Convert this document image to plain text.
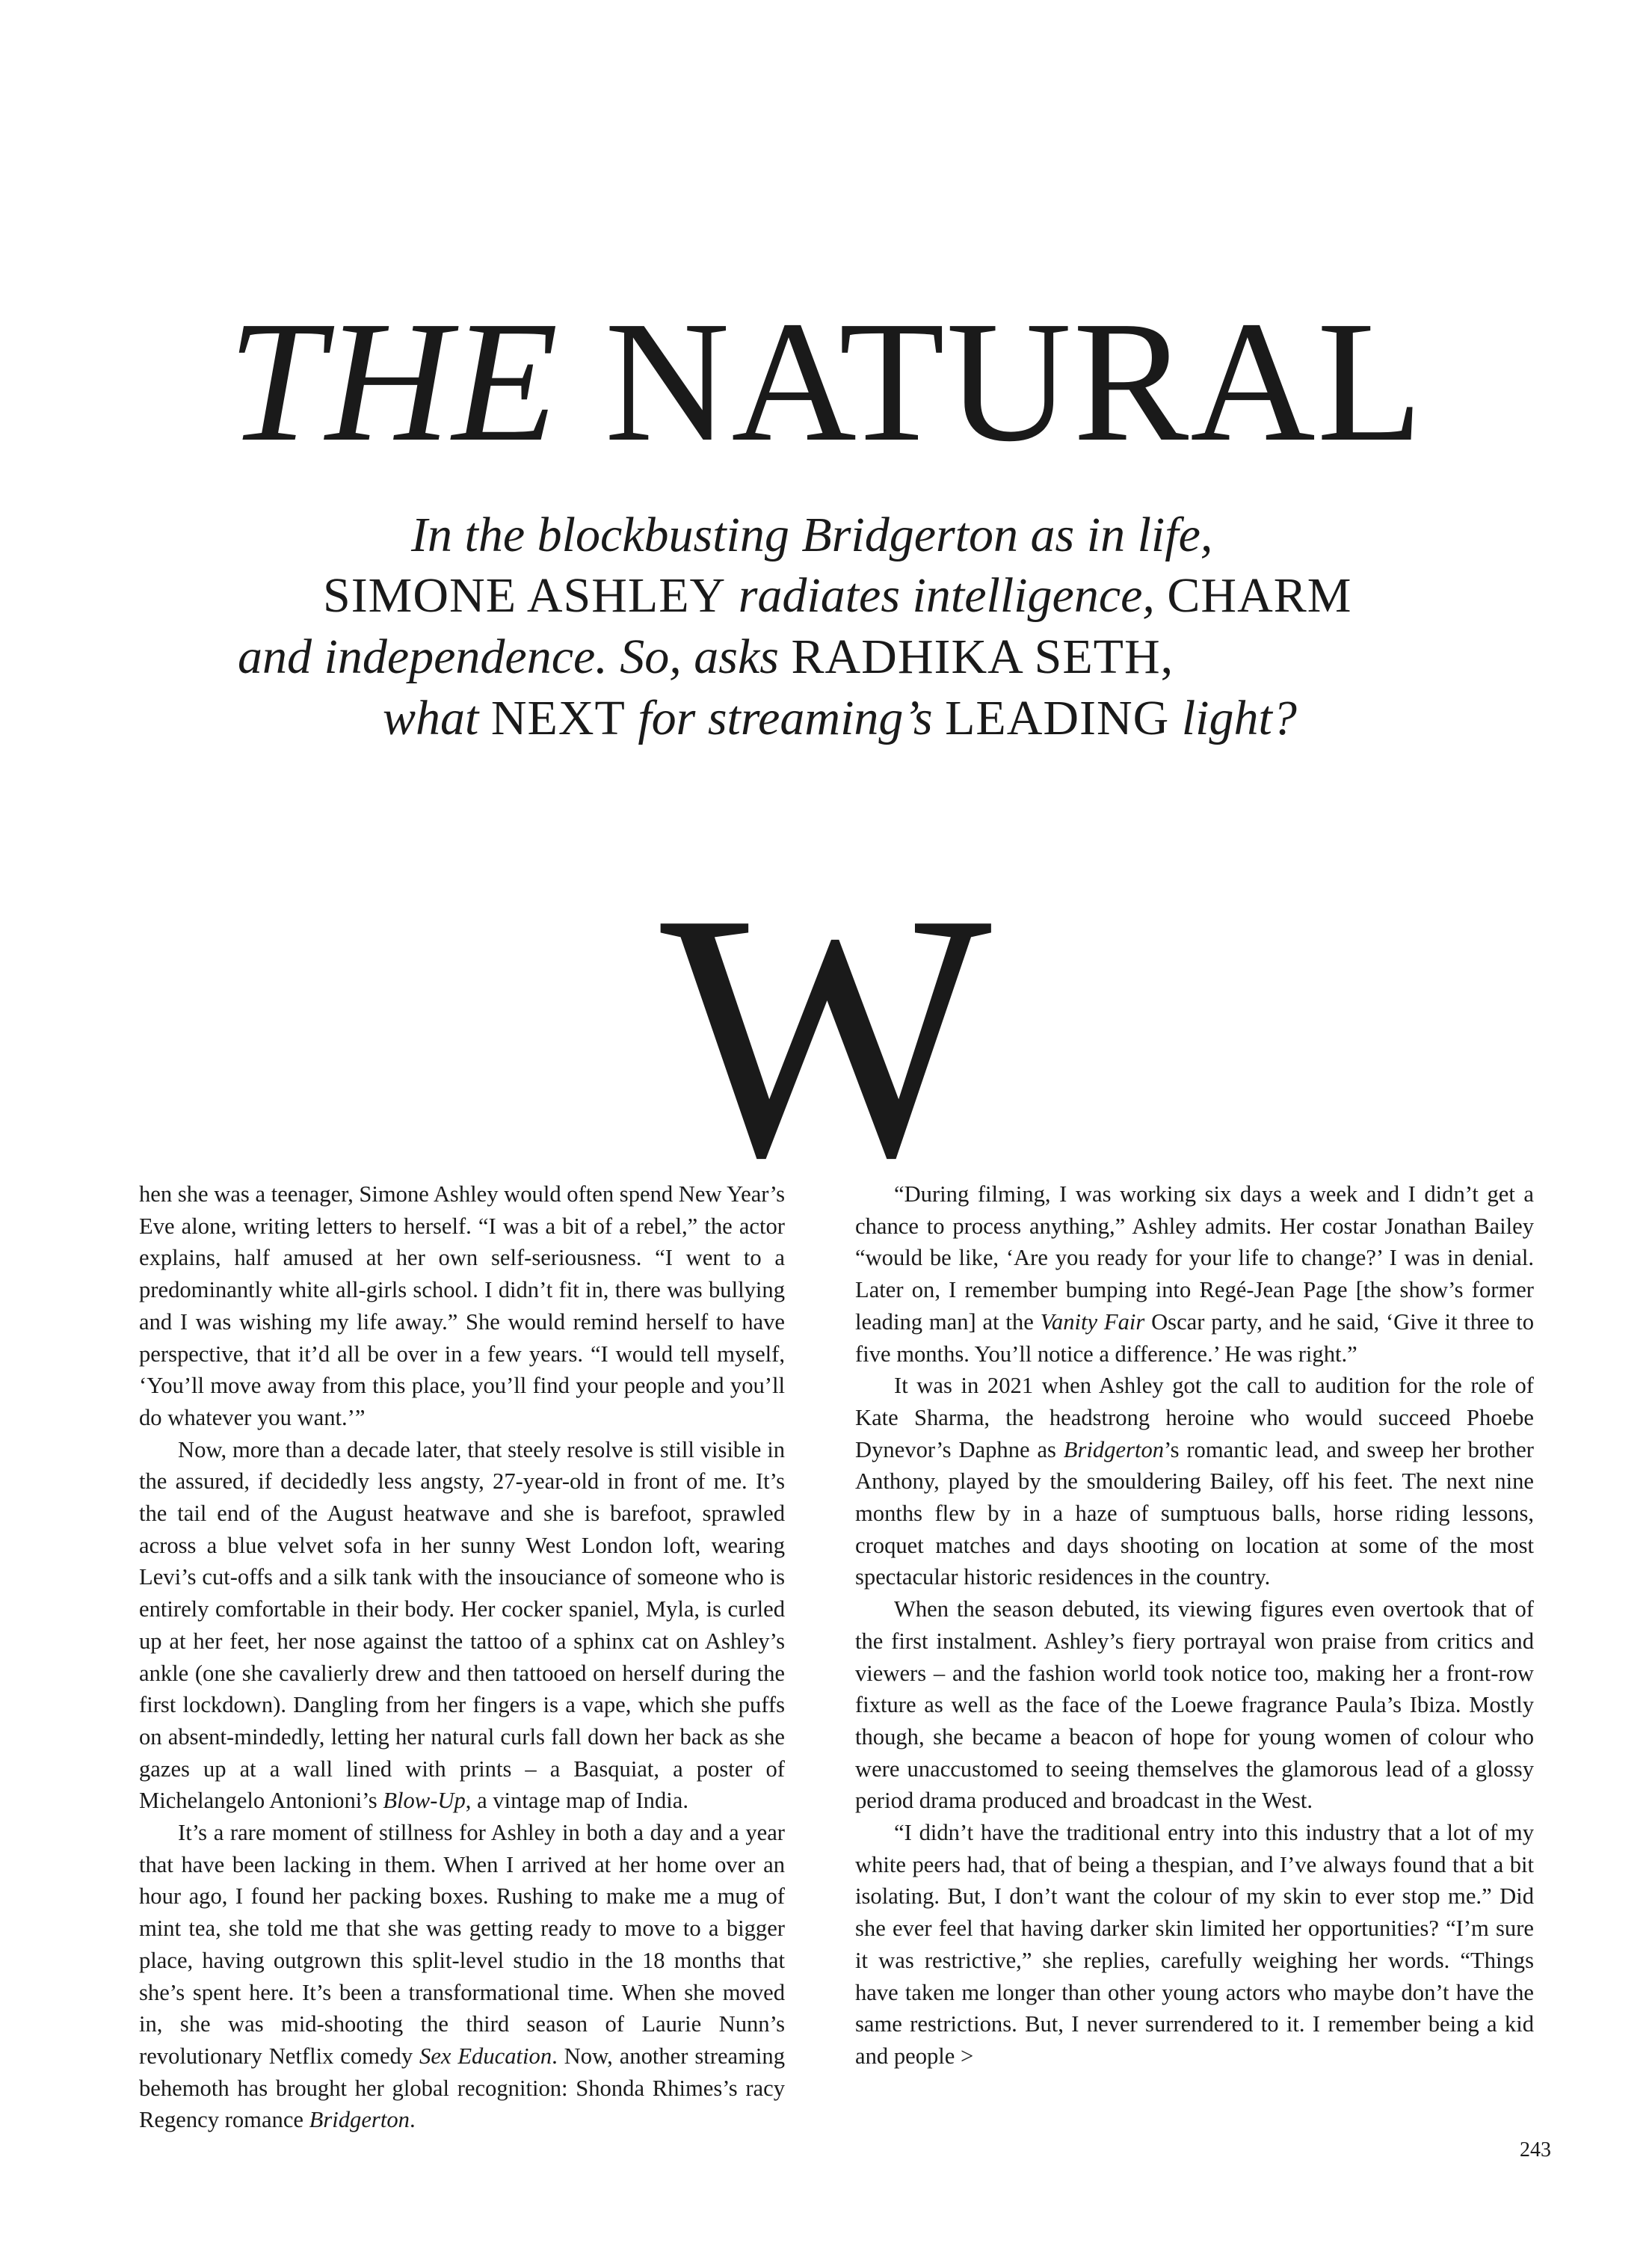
THE NATURAL
In the blockbusting Bridgerton as in life,
SIMONE ASHLEY radiates intelligence, CHARM
and independence. So, asks RADHIKA SETH,
what NEXT for streaming’s LEADING light?
W

hen she was a teenager, Simone Ashley would often spend New Year’s Eve alone, writing letters to herself. “I was a bit of a rebel,” the actor explains, half amused at her own self-seriousness. “I went to a predominantly white all-girls school. I didn’t fit in, there was bullying and I was wishing my life away.” She would remind herself to have perspective, that it’d all be over in a few years. “I would tell myself, ‘You’ll move away from this place, you’ll find your people and you’ll do whatever you want.’”

Now, more than a decade later, that steely resolve is still visible in the assured, if decidedly less angsty, 27-year-old in front of me. It’s the tail end of the August heatwave and she is barefoot, sprawled across a blue velvet sofa in her sunny West London loft, wearing Levi’s cut-offs and a silk tank with the insouciance of someone who is entirely comfortable in their body. Her cocker spaniel, Myla, is curled up at her feet, her nose against the tattoo of a sphinx cat on Ashley’s ankle (one she cavalierly drew and then tattooed on herself during the first lockdown). Dangling from her fingers is a vape, which she puffs on absent-mindedly, letting her natural curls fall down her back as she gazes up at a wall lined with prints – a Basquiat, a poster of Michelangelo Antonioni’s Blow-Up, a vintage map of India.

It’s a rare moment of stillness for Ashley in both a day and a year that have been lacking in them. When I arrived at her home over an hour ago, I found her packing boxes. Rushing to make me a mug of mint tea, she told me that she was getting ready to move to a bigger place, having outgrown this split-level studio in the 18 months that she’s spent here. It’s been a transformational time. When she moved in, she was mid-shooting the third season of Laurie Nunn’s revolutionary Netflix comedy Sex Education. Now, another streaming behemoth has brought her global recognition: Shonda Rhimes’s racy Regency romance Bridgerton.

“During filming, I was working six days a week and I didn’t get a chance to process anything,” Ashley admits. Her costar Jonathan Bailey “would be like, ‘Are you ready for your life to change?’ I was in denial. Later on, I remember bumping into Regé-Jean Page [the show’s former leading man] at the Vanity Fair Oscar party, and he said, ‘Give it three to five months. You’ll notice a difference.’ He was right.”

It was in 2021 when Ashley got the call to audition for the role of Kate Sharma, the headstrong heroine who would succeed Phoebe Dynevor’s Daphne as Bridgerton’s romantic lead, and sweep her brother Anthony, played by the smouldering Bailey, off his feet. The next nine months flew by in a haze of sumptuous balls, horse riding lessons, croquet matches and days shooting on location at some of the most spectacular historic residences in the country.

When the season debuted, its viewing figures even overtook that of the first instalment. Ashley’s fiery portrayal won praise from critics and viewers – and the fashion world took notice too, making her a front-row fixture as well as the face of the Loewe fragrance Paula’s Ibiza. Mostly though, she became a beacon of hope for young women of colour who were unaccustomed to seeing themselves the glamorous lead of a glossy period drama produced and broadcast in the West.

“I didn’t have the traditional entry into this industry that a lot of my white peers had, that of being a thespian, and I’ve always found that a bit isolating. But, I don’t want the colour of my skin to ever stop me.” Did she ever feel that having darker skin limited her opportunities? “I’m sure it was restrictive,” she replies, carefully weighing her words. “Things have taken me longer than other young actors who maybe don’t have the same restrictions. But, I never surrendered to it. I remember being a kid and people >

243
